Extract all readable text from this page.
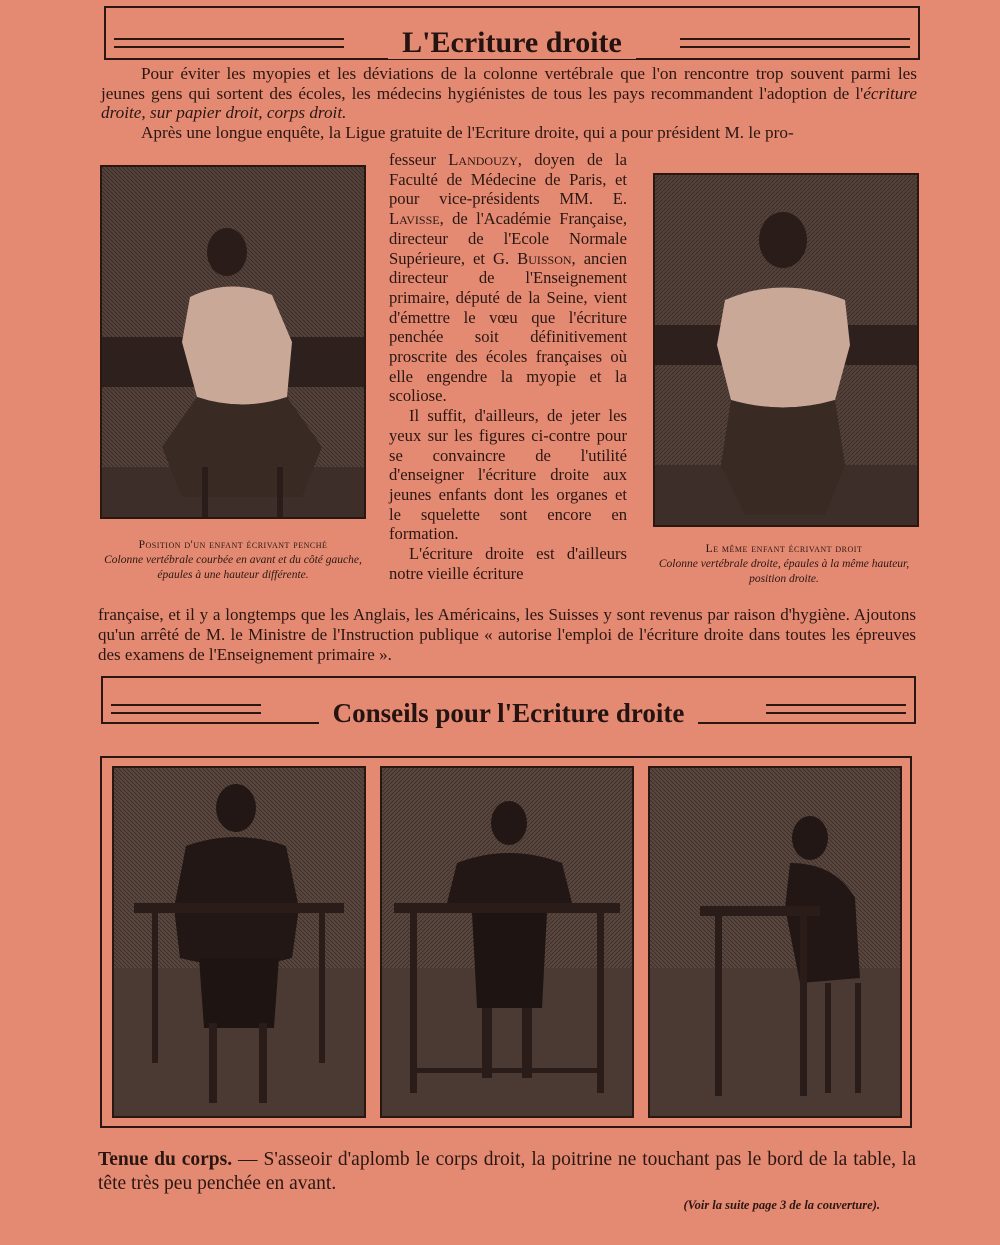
L'Ecriture droite

Pour éviter les myopies et les déviations de la colonne vertébrale que l'on rencontre trop souvent parmi les jeunes gens qui sortent des écoles, les médecins hygiénistes de tous les pays recommandent l'adoption de l'écriture droite, sur papier droit, corps droit.

Après une longue enquête, la Ligue gratuite de l'Ecriture droite, qui a pour président M. le pro-

Position d'un enfant écrivant penché
Colonne vertébrale courbée en avant et du côté gauche, épaules à une hauteur différente.

fesseur Landouzy, doyen de la Faculté de Médecine de Paris, et pour vice-présidents MM. E. Lavisse, de l'Académie Française, directeur de l'Ecole Normale Supérieure, et G. Buisson, ancien directeur de l'Enseignement primaire, député de la Seine, vient d'émettre le vœu que l'écriture penchée soit définitivement proscrite des écoles françaises où elle engendre la myopie et la scoliose.

Il suffit, d'ailleurs, de jeter les yeux sur les figures ci-contre pour se convaincre de l'utilité d'enseigner l'écriture droite aux jeunes enfants dont les organes et le squelette sont encore en formation.

L'écriture droite est d'ailleurs notre vieille écriture

Le même enfant écrivant droit
Colonne vertébrale droite, épaules à la même hauteur, position droite.

française, et il y a longtemps que les Anglais, les Américains, les Suisses y sont revenus par raison d'hygiène. Ajoutons qu'un arrêté de M. le Ministre de l'Instruction publique « autorise l'emploi de l'écriture droite dans toutes les épreuves des examens de l'Enseignement primaire ».

Conseils pour l'Ecriture droite

Tenue du corps. — S'asseoir d'aplomb le corps droit, la poitrine ne touchant pas le bord de la table, la tête très peu penchée en avant.

(Voir la suite page 3 de la couverture).
